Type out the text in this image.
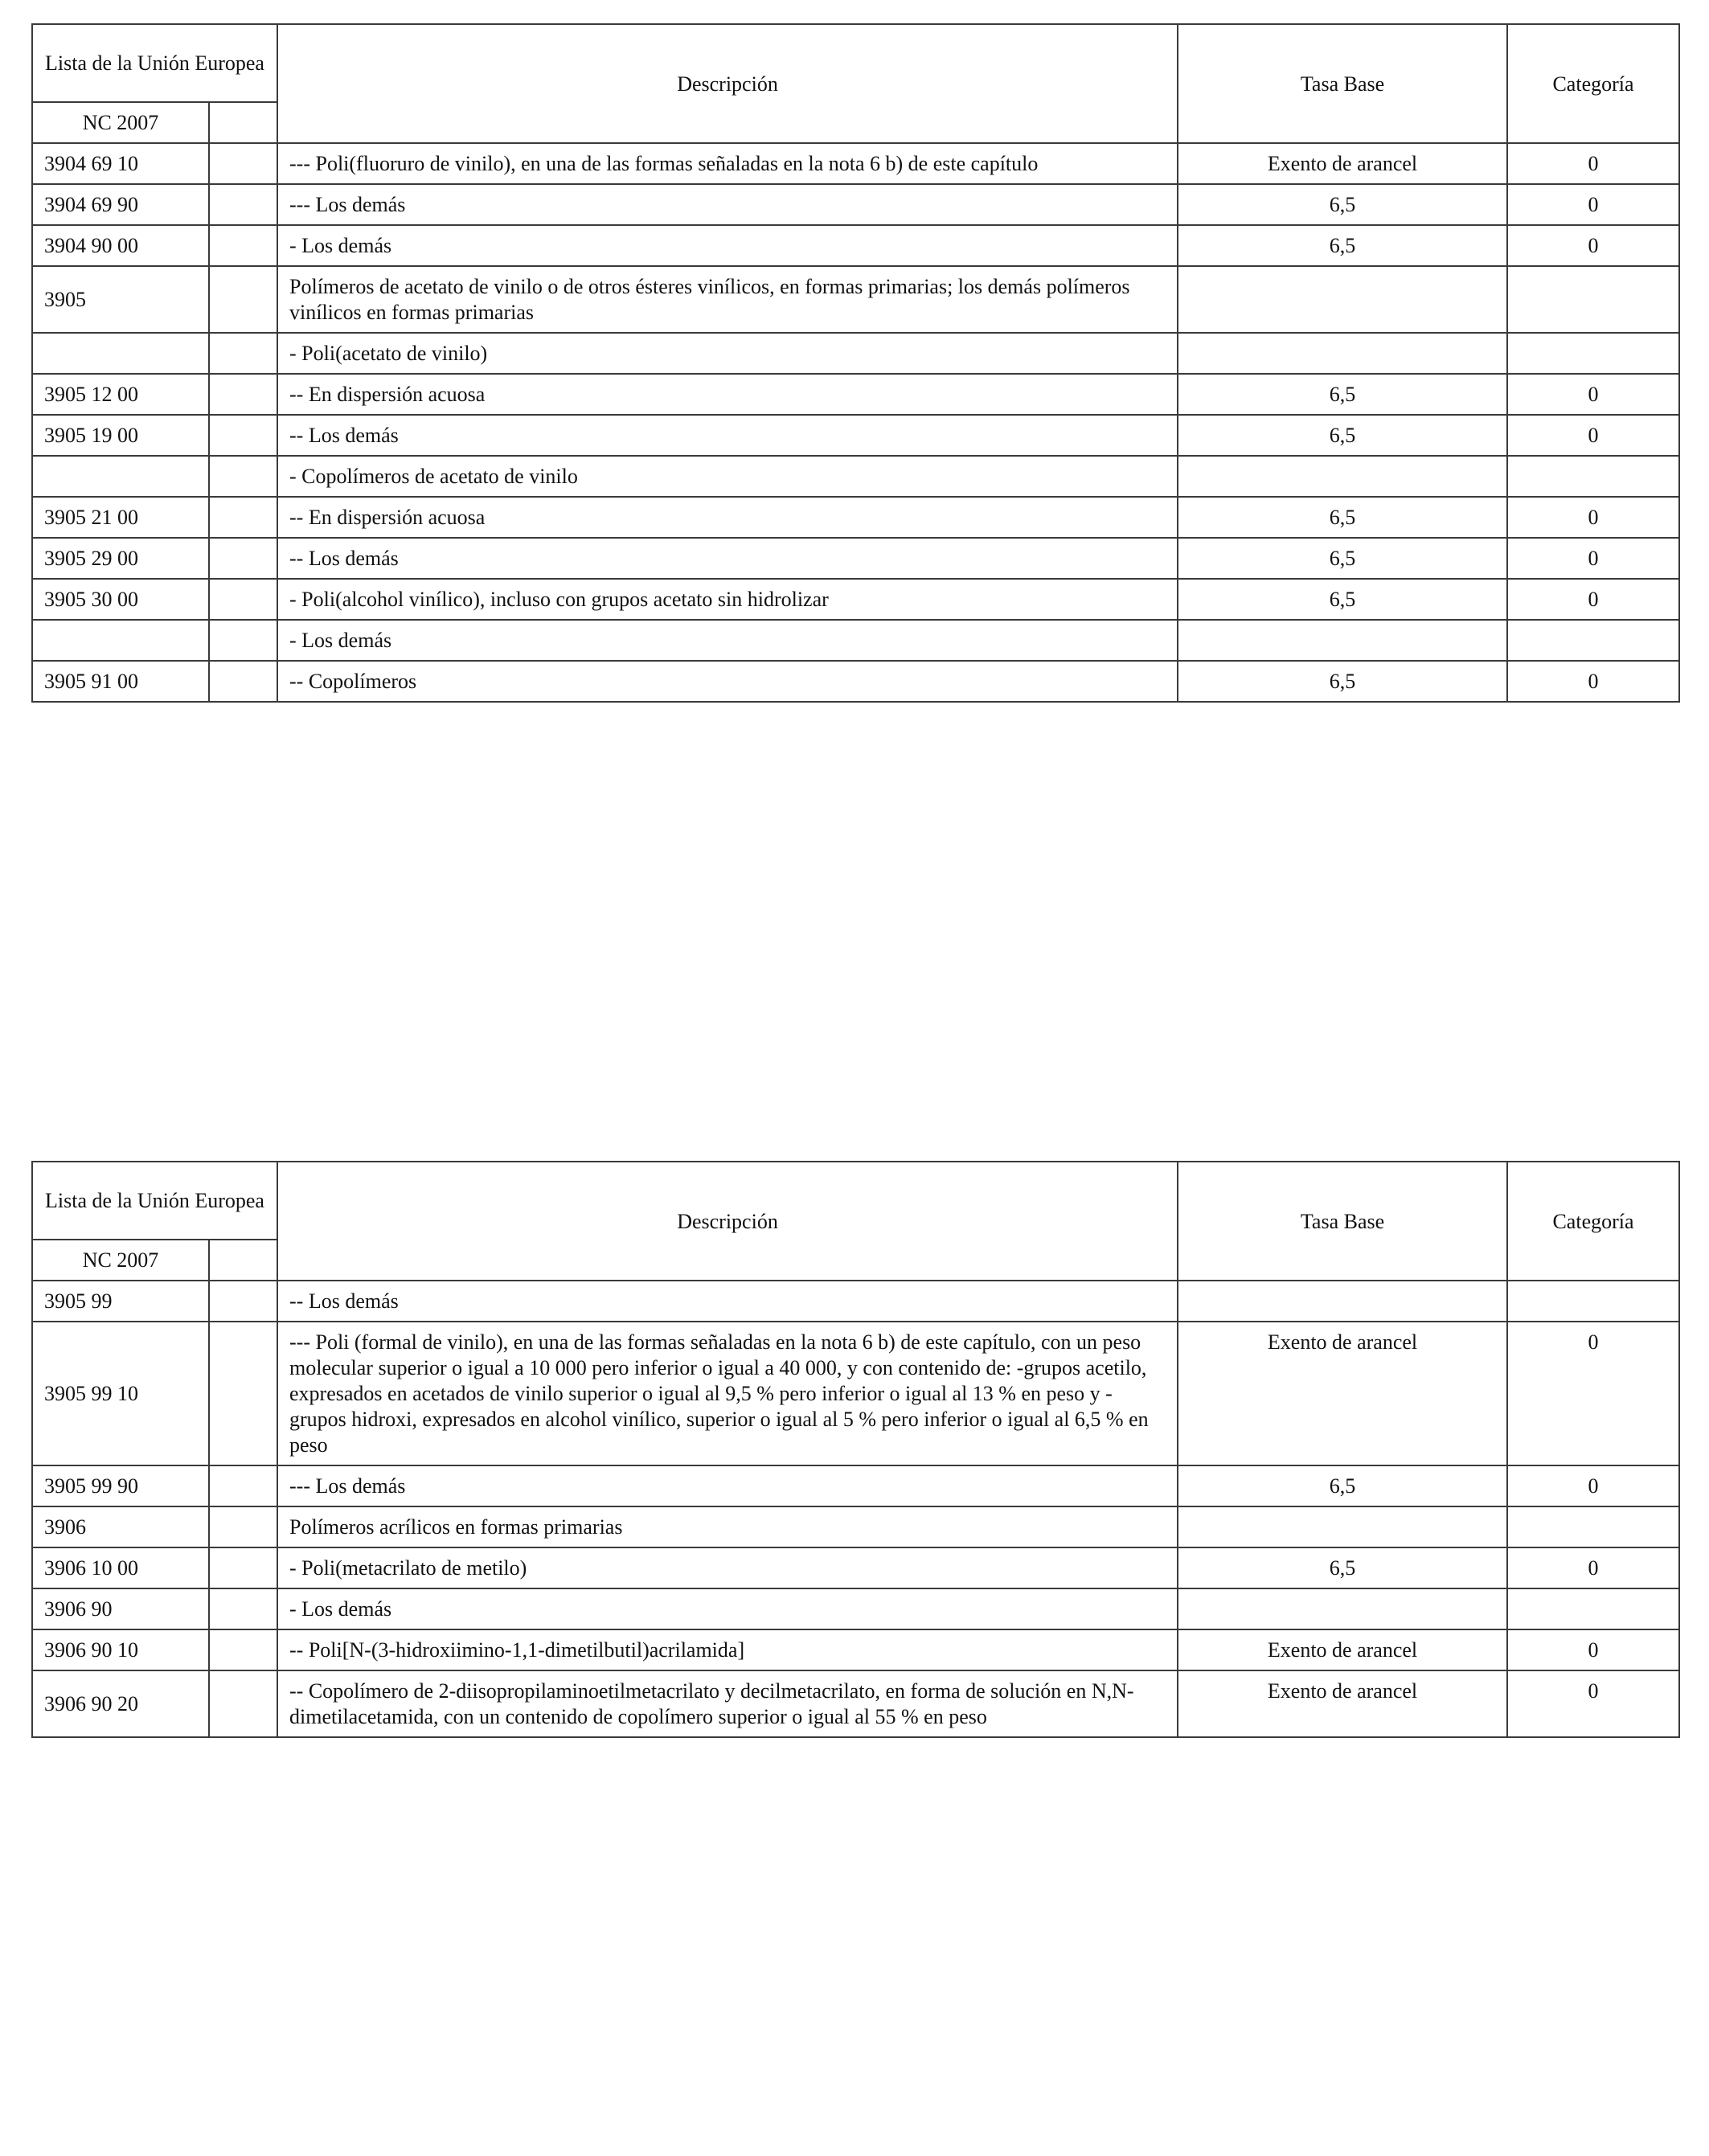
Lista de la Unión Europea		Descripción	Tasa Base	Categoría
NC 2007				
3904 69 10		--- Poli(fluoruro de vinilo), en una de las formas señaladas en la nota 6 b) de este capítulo	Exento de arancel	0
3904 69 90		--- Los demás	6,5	0
3904 90 00		- Los demás	6,5	0
3905		Polímeros de acetato de vinilo o de otros ésteres vinílicos, en formas primarias; los demás polímeros vinílicos en formas primarias		
		- Poli(acetato de vinilo)		
3905 12 00		-- En dispersión acuosa	6,5	0
3905 19 00		-- Los demás	6,5	0
		- Copolímeros de acetato de vinilo		
3905 21 00		-- En dispersión acuosa	6,5	0
3905 29 00		-- Los demás	6,5	0
3905 30 00		- Poli(alcohol vinílico), incluso con grupos acetato sin hidrolizar	6,5	0
		- Los demás		
3905 91 00		-- Copolímeros	6,5	0
Lista de la Unión Europea		Descripción	Tasa Base	Categoría
NC 2007				
3905 99		-- Los demás		
3905 99 10		--- Poli (formal de vinilo), en una de las formas señaladas en la nota 6 b) de este capítulo, con un peso molecular superior o igual a 10 000 pero inferior o igual a 40 000, y con contenido de: -grupos acetilo, expresados en acetados de vinilo superior o igual al 9,5 % pero inferior o igual al 13 % en peso y -grupos hidroxi, expresados en alcohol vinílico, superior o igual al 5 % pero inferior o igual al 6,5 % en peso	Exento de arancel	0
3905 99 90		--- Los demás	6,5	0
3906		Polímeros acrílicos en formas primarias		
3906 10 00		- Poli(metacrilato de metilo)	6,5	0
3906 90		- Los demás		
3906 90 10		-- Poli[N-(3-hidroxiimino-1,1-dimetilbutil)acrilamida]	Exento de arancel	0
3906 90 20		-- Copolímero de 2-diisopropilaminoetilmetacrilato y decilmetacrilato, en forma de solución en N,N-dimetilacetamida, con un contenido de copolímero superior o igual al 55 % en peso	Exento de arancel	0
